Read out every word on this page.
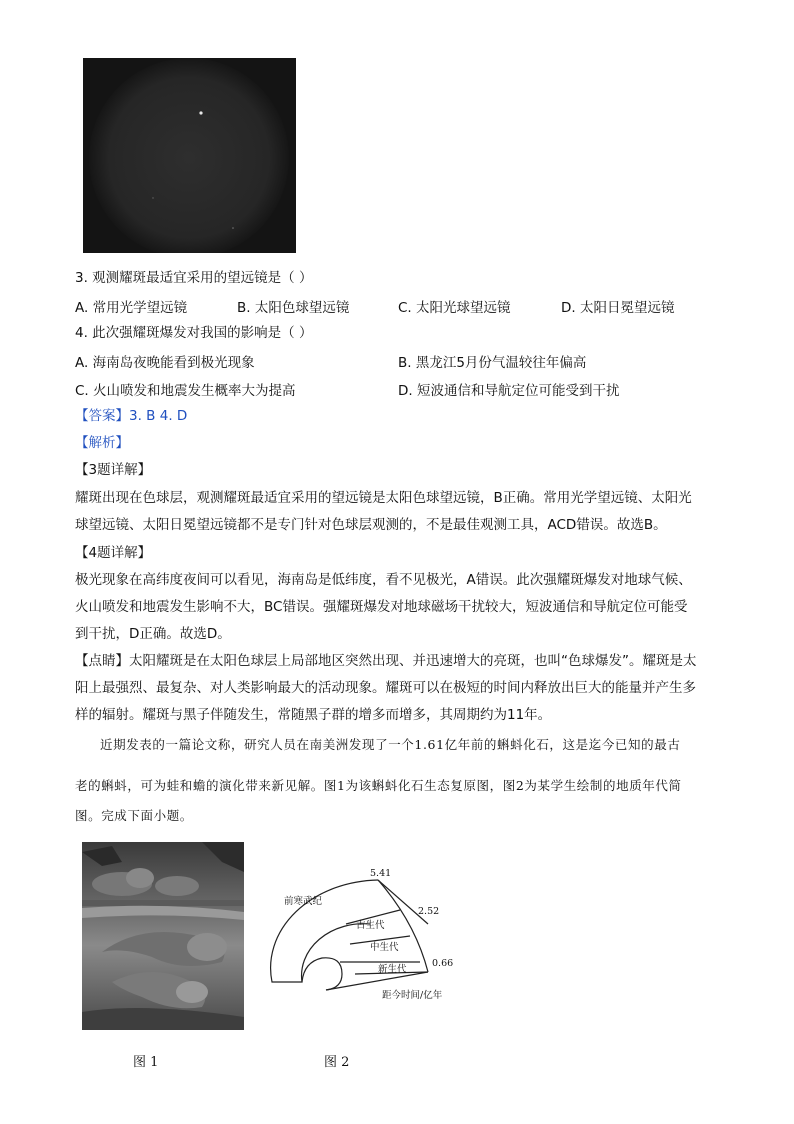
3. 观测耀斑最适宜采用的望远镜是（ ）
A. 常用光学望远镜	B. 太阳色球望远镜	C. 太阳光球望远镜	D. 太阳日冕望远镜
4. 此次强耀斑爆发对我国的影响是（ ）
A. 海南岛夜晚能看到极光现象	B. 黑龙江5月份气温较往年偏高
C. 火山喷发和地震发生概率大为提高	D. 短波通信和导航定位可能受到干扰
【答案】3. B 4. D
【解析】
【3题详解】
耀斑出现在色球层，观测耀斑最适宜采用的望远镜是太阳色球望远镜，B正确。常用光学望远镜、太阳光
球望远镜、太阳日冕望远镜都不是专门针对色球层观测的，不是最佳观测工具，ACD错误。故选B。
【4题详解】
极光现象在高纬度夜间可以看见，海南岛是低纬度，看不见极光，A错误。此次强耀斑爆发对地球气候、
火山喷发和地震发生影响不大，BC错误。强耀斑爆发对地球磁场干扰较大，短波通信和导航定位可能受
到干扰，D正确。故选D。
【点睛】太阳耀斑是在太阳色球层上局部地区突然出现、并迅速增大的亮斑，也叫“色球爆发”。耀斑是太
阳上最强烈、最复杂、对人类影响最大的活动现象。耀斑可以在极短的时间内释放出巨大的能量并产生多
样的辐射。耀斑与黑子伴随发生，常随黑子群的增多而增多，其周期约为11年。
近期发表的一篇论文称，研究人员在南美洲发现了一个1.61亿年前的蝌蚪化石，这是迄今已知的最古
老的蝌蚪，可为蛙和蟾的演化带来新见解。图1为该蝌蚪化石生态复原图，图2为某学生绘制的地质年代简
图。完成下面小题。
前寒武纪
古生代
中生代
新生代
5.41
2.52
0.66
距今时间/亿年
图 1	图 2
